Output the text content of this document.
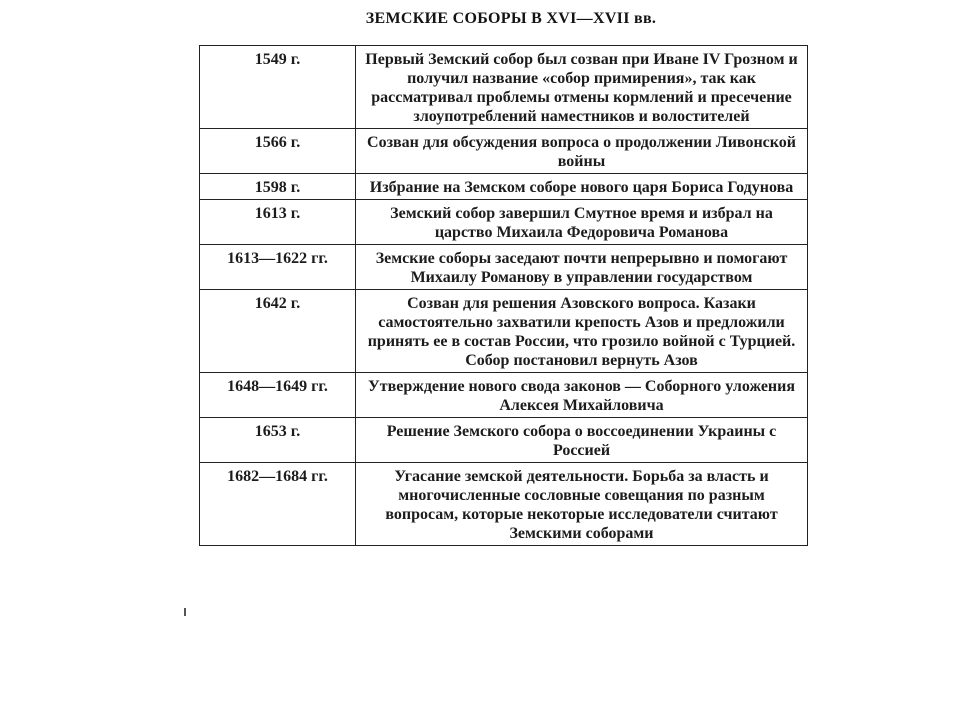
ЗЕМСКИЕ СОБОРЫ В XVI—XVII вв.
1549 г.	Первый Земский собор был созван при Иване IV Грозном и получил название «собор примирения», так как рассматривал проблемы отмены кормлений и пресечение злоупотреблений наместников и волостителей
1566 г.	Созван для обсуждения вопроса о продолжении Ливонской войны
1598 г.	Избрание на Земском соборе нового царя Бориса Годунова
1613 г.	Земский собор завершил Смутное время и избрал на царство Михаила Федоровича Романова
1613—1622 гг.	Земские соборы заседают почти непрерывно и помогают Михаилу Романову в управлении государством
1642 г.	Созван для решения Азовского вопроса. Казаки самостоятельно захватили крепость Азов и предложили принять ее в состав России, что грозило войной с Турцией. Собор постановил вернуть Азов
1648—1649 гг.	Утверждение нового свода законов — Соборного уложения Алексея Михайловича
1653 г.	Решение Земского собора о воссоединении Украины с Россией
1682—1684 гг.	Угасание земской деятельности. Борьба за власть и многочисленные сословные совещания по разным вопросам, которые некоторые исследователи считают Земскими соборами
